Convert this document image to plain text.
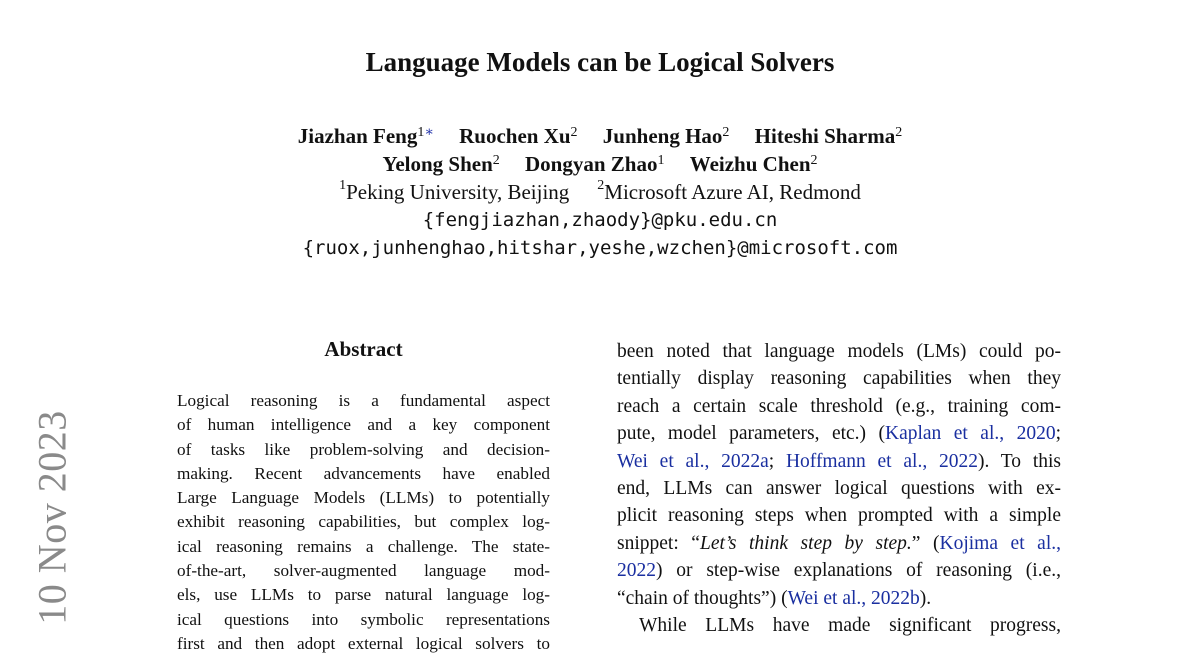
10 Nov 2023
Language Models can be Logical Solvers
Jiazhan Feng$^{1∗}$ Ruochen Xu$^2$ Junheng Hao$^2$ Hiteshi Sharma$^2$
Yelong Shen$^2$ Dongyan Zhao$^1$ Weizhu Chen$^2$
$^1$Peking University, Beijing $^2$Microsoft Azure AI, Redmond
{fengjiazhan,zhaody}@pku.edu.cn
{ruox,junhenghao,hitshar,yeshe,wzchen}@microsoft.com
Abstract
Logical reasoning is a fundamental aspect
of human intelligence and a key component
of tasks like problem-solving and decision-
making. Recent advancements have enabled
Large Language Models (LLMs) to potentially
exhibit reasoning capabilities, but complex log-
ical reasoning remains a challenge. The state-
of-the-art, solver-augmented language mod-
els, use LLMs to parse natural language log-
ical questions into symbolic representations
first and then adopt external logical solvers to
been noted that language models (LMs) could po-
tentially display reasoning capabilities when they
reach a certain scale threshold (e.g., training com-
pute, model parameters, etc.) (Kaplan et al., 2020;
Wei et al., 2022a; Hoffmann et al., 2022). To this
end, LLMs can answer logical questions with ex-
plicit reasoning steps when prompted with a simple
snippet: “Let’s think step by step.” (Kojima et al.,
2022) or step-wise explanations of reasoning (i.e.,
“chain of thoughts”) (Wei et al., 2022b).
While LLMs have made significant progress,
